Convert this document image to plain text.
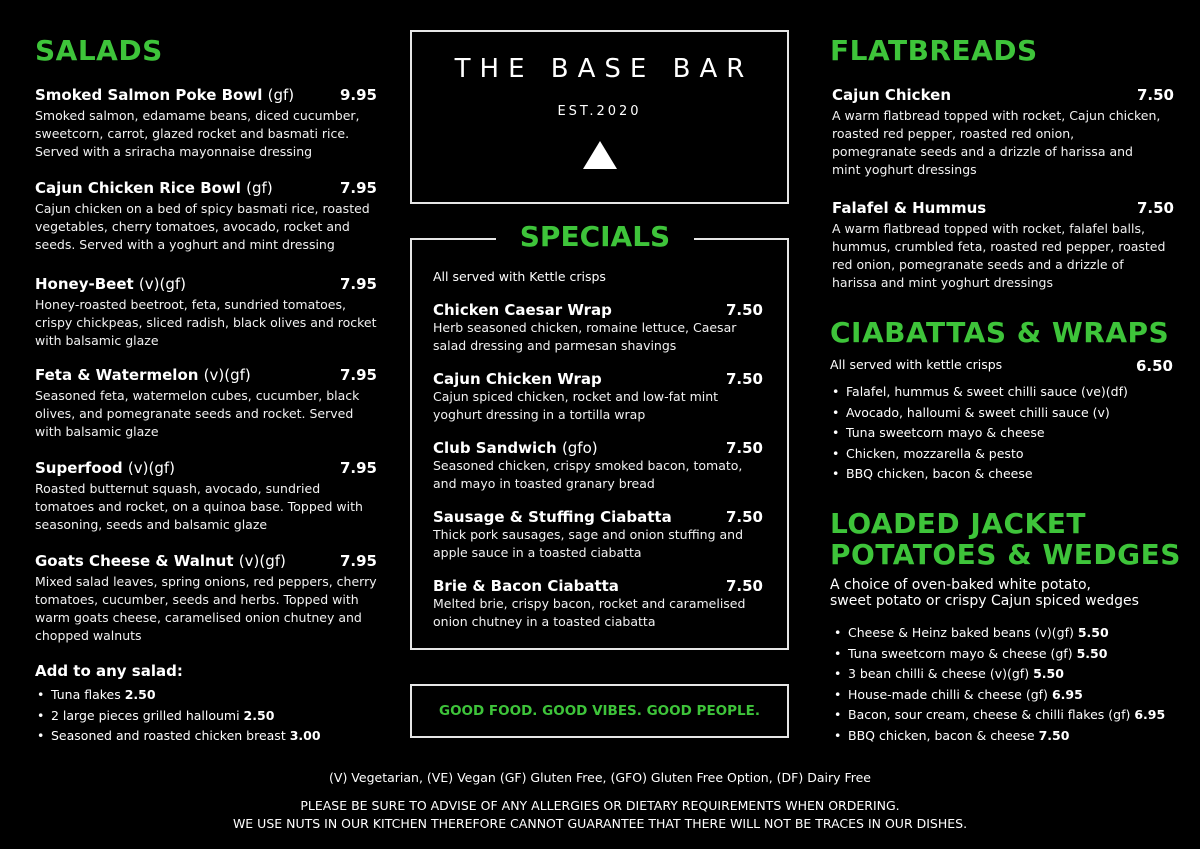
SALADS
Smoked Salmon Poke Bowl (gf)	9.95
Smoked salmon, edamame beans, diced cucumber, sweetcorn, carrot, glazed rocket and basmati rice. Served with a sriracha mayonnaise dressing
Cajun Chicken Rice Bowl (gf)	7.95
Cajun chicken on a bed of spicy basmati rice, roasted vegetables, cherry tomatoes, avocado, rocket and seeds. Served with a yoghurt and mint dressing
Honey-Beet (v)(gf)	7.95
Honey-roasted beetroot, feta, sundried tomatoes, crispy chickpeas, sliced radish, black olives and rocket with balsamic glaze
Feta & Watermelon (v)(gf)	7.95
Seasoned feta, watermelon cubes, cucumber, black olives, and pomegranate seeds and rocket. Served with balsamic glaze
Superfood (v)(gf)	7.95
Roasted butternut squash, avocado, sundried tomatoes and rocket, on a quinoa base. Topped with seasoning, seeds and balsamic glaze
Goats Cheese & Walnut (v)(gf)	7.95
Mixed salad leaves, spring onions, red peppers, cherry tomatoes, cucumber, seeds and herbs. Topped with warm goats cheese, caramelised onion chutney and chopped walnuts
Add to any salad:
• Tuna flakes 2.50
• 2 large pieces grilled halloumi 2.50
• Seasoned and roasted chicken breast 3.00
THE BASE BAR
EST.2020
All served with Kettle crisps
Chicken Caesar Wrap	7.50
Herb seasoned chicken, romaine lettuce, Caesar salad dressing and parmesan shavings
Cajun Chicken Wrap	7.50
Cajun spiced chicken, rocket and low-fat mint yoghurt dressing in a tortilla wrap
Club Sandwich (gfo)	7.50
Seasoned chicken, crispy smoked bacon, tomato, and mayo in toasted granary bread
Sausage & Stuffing Ciabatta	7.50
Thick pork sausages, sage and onion stuffing and apple sauce in a toasted ciabatta
Brie & Bacon Ciabatta	7.50
Melted brie, crispy bacon, rocket and caramelised onion chutney in a toasted ciabatta
SPECIALS
GOOD FOOD. GOOD VIBES. GOOD PEOPLE.
FLATBREADS
Cajun Chicken	7.50
A warm flatbread topped with rocket, Cajun chicken, roasted red pepper, roasted red onion, pomegranate seeds and a drizzle of harissa and mint yoghurt dressings
Falafel & Hummus	7.50
A warm flatbread topped with rocket, falafel balls, hummus, crumbled feta, roasted red pepper, roasted red onion, pomegranate seeds and a drizzle of harissa and mint yoghurt dressings
CIABATTAS & WRAPS
All served with kettle crisps	6.50
• Falafel, hummus & sweet chilli sauce (ve)(df)
• Avocado, halloumi & sweet chilli sauce (v)
• Tuna sweetcorn mayo & cheese
• Chicken, mozzarella & pesto
• BBQ chicken, bacon & cheese
LOADED JACKET
POTATOES & WEDGES
A choice of oven-baked white potato,
sweet potato or crispy Cajun spiced wedges
• Cheese & Heinz baked beans (v)(gf) 5.50
• Tuna sweetcorn mayo & cheese (gf) 5.50
• 3 bean chilli & cheese (v)(gf) 5.50
• House-made chilli & cheese (gf) 6.95
• Bacon, sour cream, cheese & chilli flakes (gf) 6.95
• BBQ chicken, bacon & cheese 7.50
(V) Vegetarian, (VE) Vegan (GF) Gluten Free, (GFO) Gluten Free Option, (DF) Dairy Free
PLEASE BE SURE TO ADVISE OF ANY ALLERGIES OR DIETARY REQUIREMENTS WHEN ORDERING.
WE USE NUTS IN OUR KITCHEN THEREFORE CANNOT GUARANTEE THAT THERE WILL NOT BE TRACES IN OUR DISHES.
